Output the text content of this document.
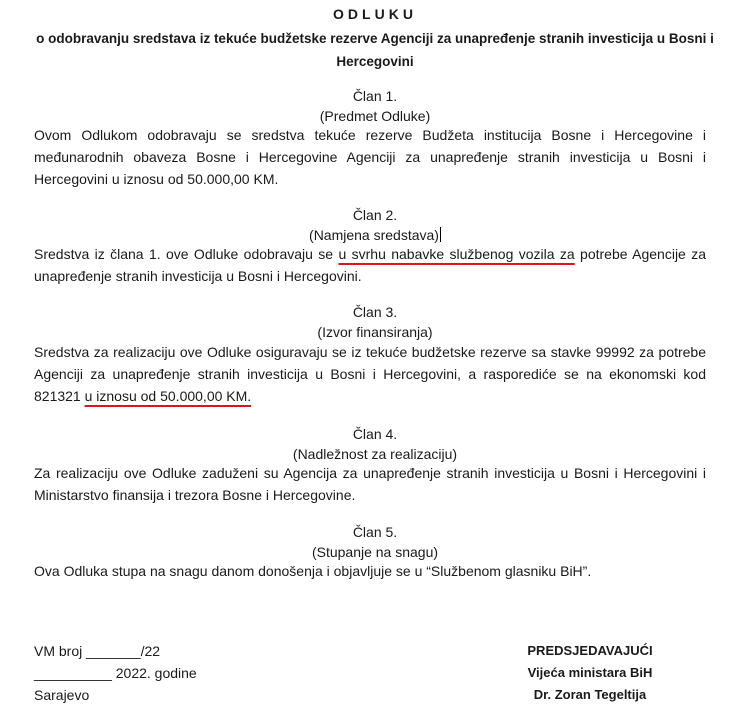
ODLUKU
o odobravanju sredstava iz tekuće budžetske rezerve Agenciji za unapređenje stranih investicija u Bosni i Hercegovini
Član 1.
(Predmet Odluke)
Ovom Odlukom odobravaju se sredstva tekuće rezerve Budžeta institucija Bosne i Hercegovine i međunarodnih obaveza Bosne i Hercegovine Agenciji za unapređenje stranih investicija u Bosni i Hercegovini u iznosu od 50.000,00 KM.
Član 2.
(Namjena sredstava)
Sredstva iz člana 1. ove Odluke odobravaju se u svrhu nabavke službenog vozila za potrebe Agencije za unapređenje stranih investicija u Bosni i Hercegovini.
Član 3.
(Izvor finansiranja)
Sredstva za realizaciju ove Odluke osiguravaju se iz tekuće budžetske rezerve sa stavke 99992 za potrebe Agenciji za unapređenje stranih investicija u Bosni i Hercegovini, a rasporediće se na ekonomski kod 821321 u iznosu od 50.000,00 KM.
Član 4.
(Nadležnost za realizaciju)
Za realizaciju ove Odluke zaduženi su Agencija za unapređenje stranih investicija u Bosni i Hercegovini i Ministarstvo finansija i trezora Bosne i Hercegovine.
Član 5.
(Stupanje na snagu)
Ova Odluka stupa na snagu danom donošenja i objavljuje se u “Službenom glasniku BiH”.
VM broj _______/22
__________ 2022. godine
Sarajevo
PREDSJEDAVAJUĆI
Vijeća ministara BiH
Dr. Zoran Tegeltija
